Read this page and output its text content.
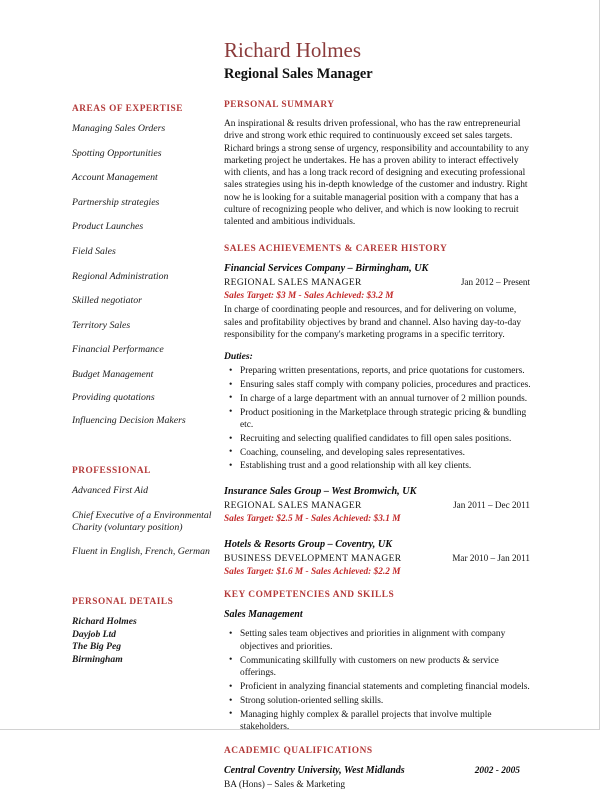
AREAS OF EXPERTISE
Managing Sales Orders
Spotting Opportunities
Account Management
Partnership strategies
Product Launches
Field Sales
Regional Administration
Skilled negotiator
Territory Sales
Financial Performance
Budget Management
Providing quotations
Influencing Decision Makers
PROFESSIONAL
Advanced First Aid
Chief Executive of a Environmental Charity (voluntary position)
Fluent in English, French, German
PERSONAL DETAILS
Richard Holmes
Dayjob Ltd
The Big Peg
Birmingham
Richard Holmes
Regional Sales Manager
PERSONAL SUMMARY

An inspirational & results driven professional, who has the raw entrepreneurial drive and strong work ethic required to continuously exceed set sales targets. Richard brings a strong sense of urgency, responsibility and accountability to any marketing project he undertakes. He has a proven ability to interact effectively with clients, and has a long track record of designing and executing professional sales strategies using his in-depth knowledge of the customer and industry. Right now he is looking for a suitable managerial position with a company that has a culture of recognizing people who deliver, and which is now looking to recruit talented and ambitious individuals.

SALES ACHIEVEMENTS & CAREER HISTORY
Financial Services Company – Birmingham, UK
REGIONAL SALES MANAGER	Jan 2012 – Present
Sales Target: $3 M - Sales Achieved: $3.2 M

In charge of coordinating people and resources, and for delivering on volume, sales and profitability objectives by brand and channel. Also having day-to-day responsibility for the company's marketing programs in a specific territory.

Duties:
• Preparing written presentations, reports, and price quotations for customers.
• Ensuring sales staff comply with company policies, procedures and practices.
• In charge of a large department with an annual turnover of 2 million pounds.
• Product positioning in the Marketplace through strategic pricing & bundling etc.
• Recruiting and selecting qualified candidates to fill open sales positions.
• Coaching, counseling, and developing sales representatives.
• Establishing trust and a good relationship with all key clients.
Insurance Sales Group – West Bromwich, UK
REGIONAL SALES MANAGER	Jan 2011 – Dec 2011
Sales Target: $2.5 M - Sales Achieved: $3.1 M
Hotels & Resorts Group – Coventry, UK
BUSINESS DEVELOPMENT MANAGER	Mar 2010 – Jan 2011
Sales Target: $1.6 M - Sales Achieved: $2.2 M
KEY COMPETENCIES AND SKILLS
Sales Management
• Setting sales team objectives and priorities in alignment with company objectives and priorities.
• Communicating skillfully with customers on new products & service offerings.
• Proficient in analyzing financial statements and completing financial models.
• Strong solution-oriented selling skills.
• Managing highly complex & parallel projects that involve multiple stakeholders.
ACADEMIC QUALIFICATIONS
Central Coventry University, West Midlands	2002 - 2005
BA (Hons) – Sales & Marketing
